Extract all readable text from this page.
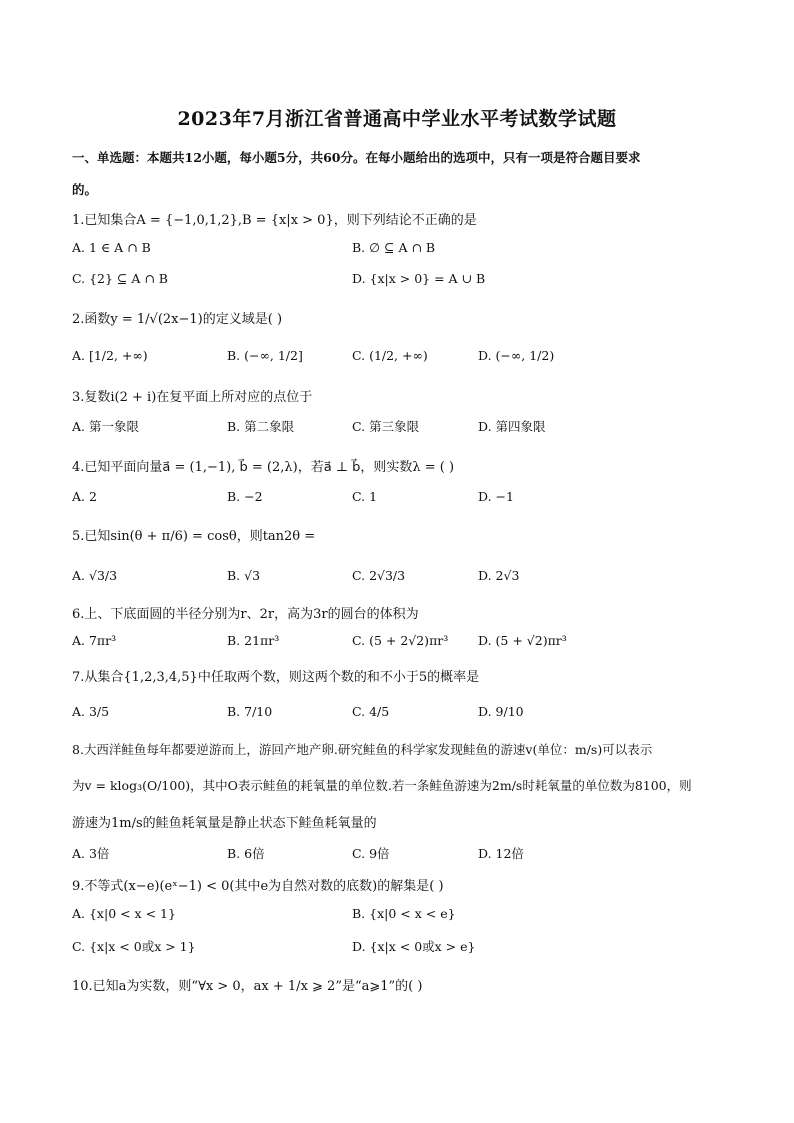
2023年7月浙江省普通高中学业水平考试数学试题
一、单选题：本题共12小题，每小题5分，共60分。在每小题给出的选项中，只有一项是符合题目要求
的。
1.已知集合A = {−1,0,1,2},B = {x|x > 0}，则下列结论不正确的是
A. 1 ∈ A ∩ B	B. ∅ ⊆ A ∩ B
C. {2} ⊆ A ∩ B	D. {x|x > 0} = A ∪ B
2.函数y = 1/√(2x−1)的定义域是( )
A. [1/2, +∞)	B. (−∞, 1/2]	C. (1/2, +∞)	D. (−∞, 1/2)
3.复数i(2 + i)在复平面上所对应的点位于
A. 第一象限	B. 第二象限	C. 第三象限	D. 第四象限
4.已知平面向量a⃗ = (1,−1), b⃗ = (2,λ)，若a⃗ ⊥ b⃗，则实数λ = ( )
A. 2	B. −2	C. 1	D. −1
5.已知sin(θ + π/6) = cosθ，则tan2θ =
A. √3/3	B. √3	C. 2√3/3	D. 2√3
6.上、下底面圆的半径分别为r、2r，高为3r的圆台的体积为
A. 7πr³	B. 21πr³	C. (5 + 2√2)πr³ D. (5 + √2)πr³
7.从集合{1,2,3,4,5}中任取两个数，则这两个数的和不小于5的概率是
A. 3/5	B. 7/10	C. 4/5	D. 9/10
8.大西洋鲑鱼每年都要逆游而上，游回产地产卵.研究鲑鱼的科学家发现鲑鱼的游速v(单位：m/s)可以表示
为v = klog₃(O/100)，其中O表示鲑鱼的耗氧量的单位数.若一条鲑鱼游速为2m/s时耗氧量的单位数为8100，则
游速为1m/s的鲑鱼耗氧量是静止状态下鲑鱼耗氧量的
A. 3倍	B. 6倍	C. 9倍	D. 12倍
9.不等式(x−e)(eˣ−1) < 0(其中e为自然对数的底数)的解集是( )
A. {x|0 < x < 1}	B. {x|0 < x < e}
C. {x|x < 0或x > 1}	D. {x|x < 0或x > e}
10.已知a为实数，则“∀x > 0，ax + 1/x ⩾ 2”是“a⩾1”的( )
